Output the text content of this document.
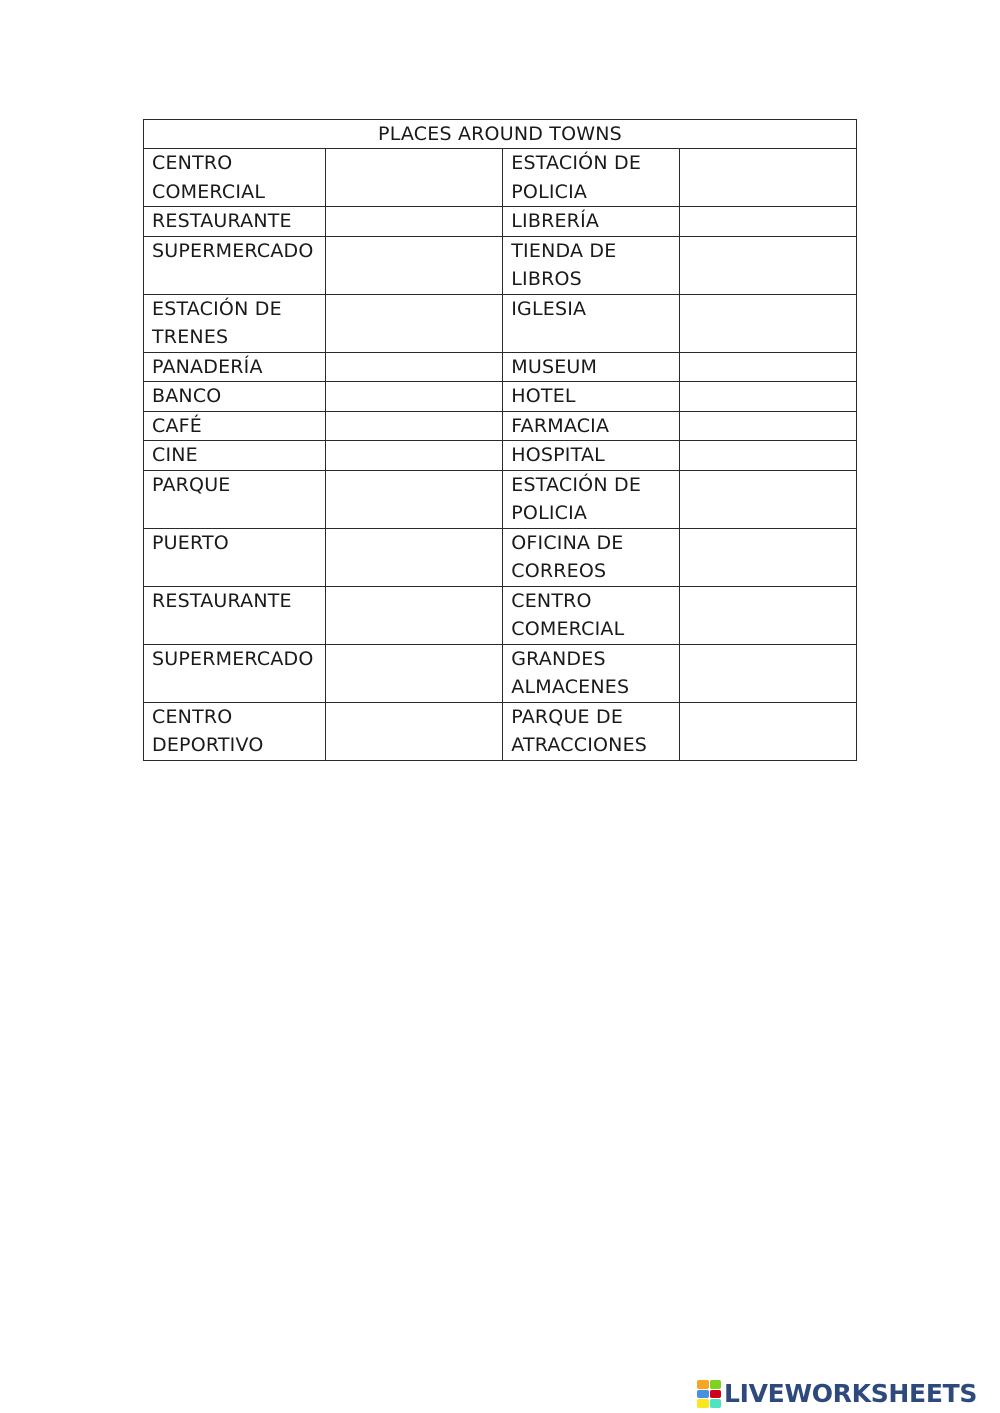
PLACES AROUND TOWNS			
CENTRO COMERCIAL		ESTACIÓN DE POLICIA	
RESTAURANTE		LIBRERÍA	
SUPERMERCADO		TIENDA DE LIBROS	
ESTACIÓN DE TRENES		IGLESIA	
PANADERÍA		MUSEUM	
BANCO		HOTEL	
CAFÉ		FARMACIA	
CINE		HOSPITAL	
PARQUE		ESTACIÓN DE POLICIA	
PUERTO		OFICINA DE CORREOS	
RESTAURANTE		CENTRO COMERCIAL	
SUPERMERCADO		GRANDES ALMACENES	
CENTRO DEPORTIVO		PARQUE DE ATRACCIONES	
LIVEWORKSHEETS
